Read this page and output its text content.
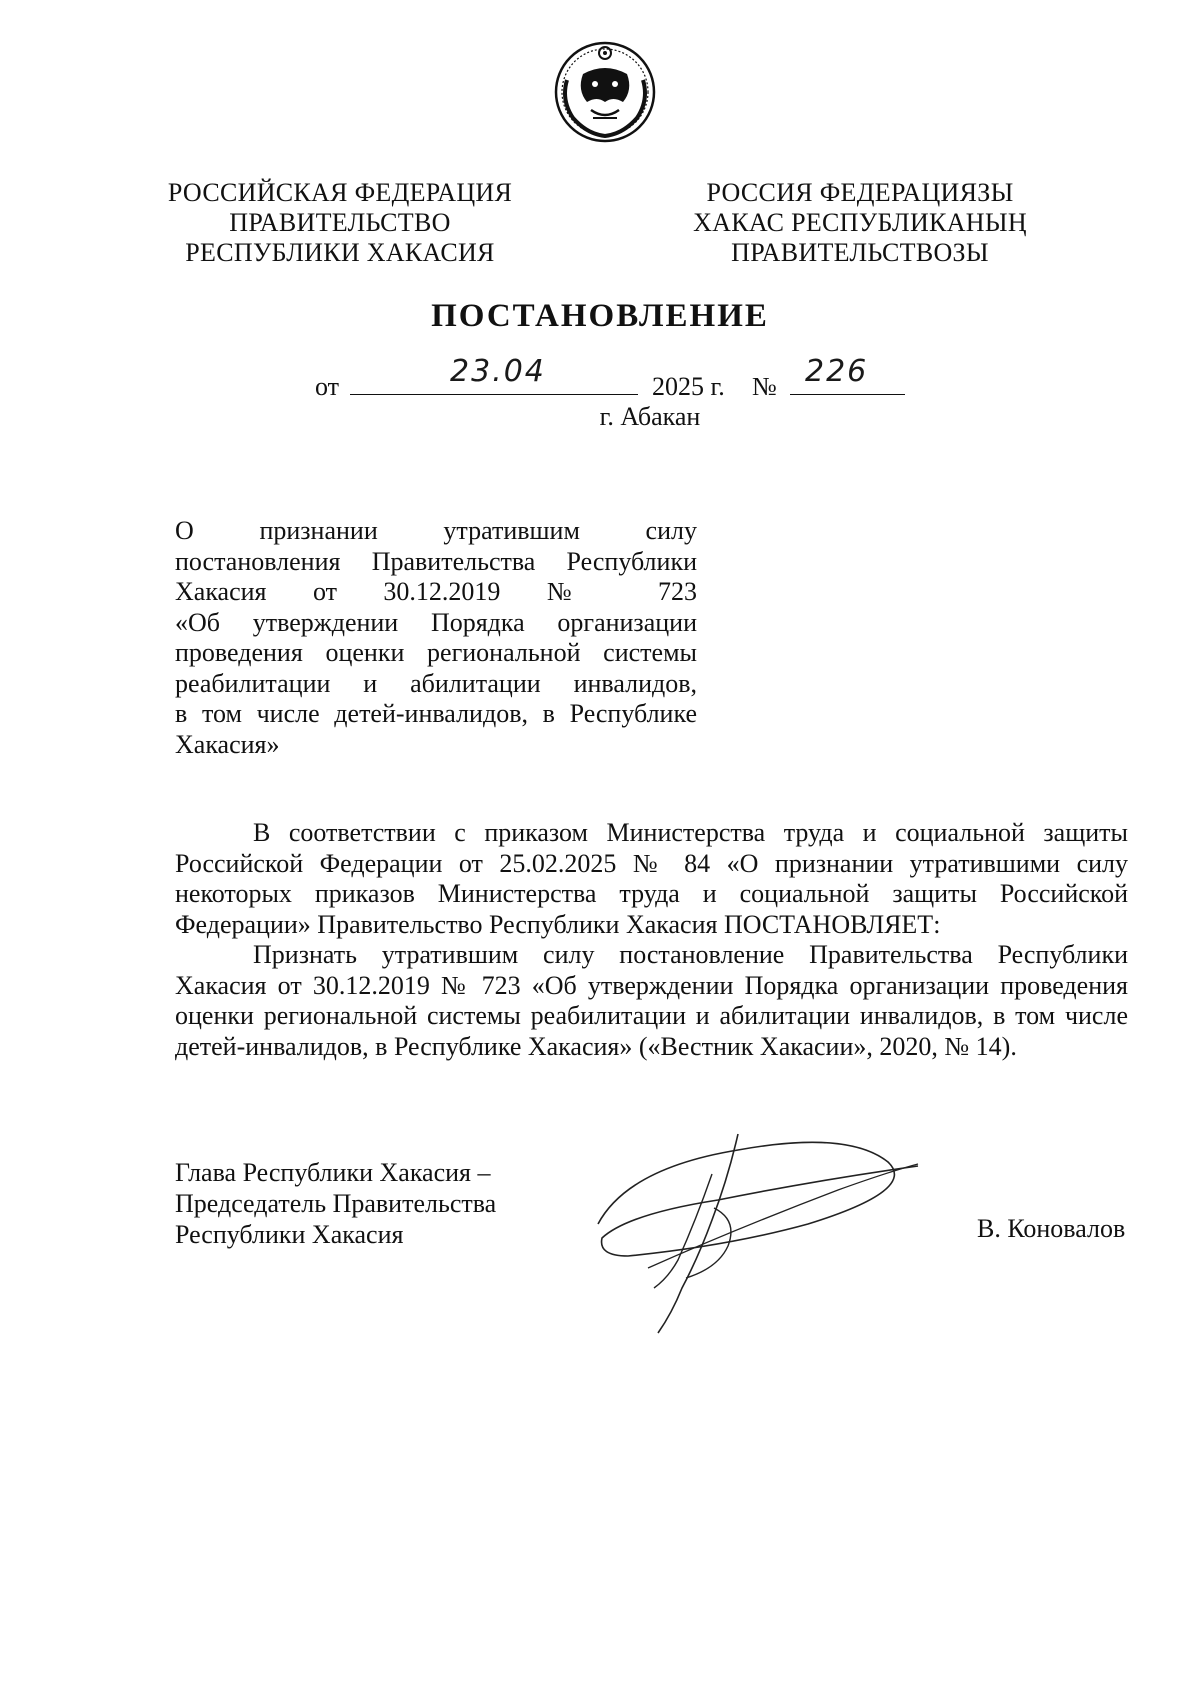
РОССИЙСКАЯ ФЕДЕРАЦИЯ
ПРАВИТЕЛЬСТВО
РЕСПУБЛИКИ ХАКАСИЯ
РОССИЯ ФЕДЕРАЦИЯЗЫ
ХАКАС РЕСПУБЛИКАНЫҢ
ПРАВИТЕЛЬСТВОЗЫ
ПОСТАНОВЛЕНИЕ
от	23.04	2025 г. № 226
г. Абакан
О признании утратившим силу
постановления Правительства Республики
Хакасия от 30.12.2019 № 723
«Об утверждении Порядка организации
проведения оценки региональной системы
реабилитации и абилитации инвалидов,
в том числе детей-инвалидов, в Республике
Хакасия»
В соответствии с приказом Министерства труда и социальной защиты
Российской Федерации от 25.02.2025 № 84 «О признании утратившими силу
некоторых приказов Министерства труда и социальной защиты Российской
Федерации» Правительство Республики Хакасия ПОСТАНОВЛЯЕТ:
Признать утратившим силу постановление Правительства Республики
Хакасия от 30.12.2019 № 723 «Об утверждении Порядка организации проведения
оценки региональной системы реабилитации и абилитации инвалидов, в том числе
детей-инвалидов, в Республике Хакасия» («Вестник Хакасии», 2020, № 14).
Глава Республики Хакасия –
Председатель Правительства
Республики Хакасия	В. Коновалов
